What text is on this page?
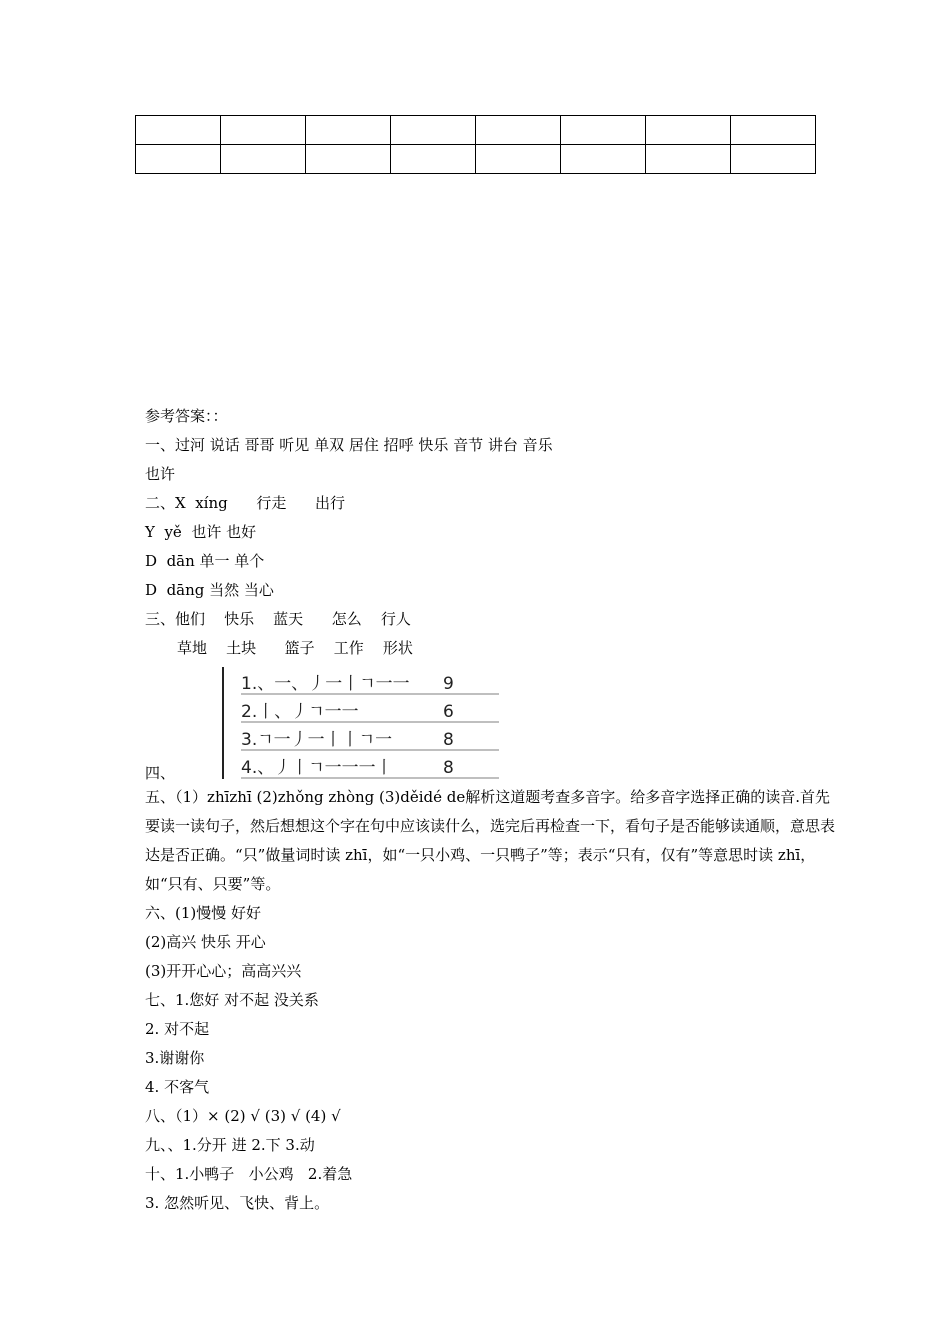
参考答案：：

一、过河 说话 哥哥 听见 单双 居住 招呼 快乐 音节 讲台 音乐

也许

二、X  xíng      行走      出行

Y  yě  也许 也好

D  dān 单一 单个

D  dāng 当然 当心

三、他们    快乐    蓝天      怎么    行人

草地    土块      篮子    工作    形状

四、
1.、一、丿一丨ㄱ一一 9
2.丨、丿ㄱ一一	6
3.ㄱ一丿一丨丨ㄱ一	8
4.、丿丨ㄱ一一一丨	8

五、（1）zhīzhī (2)zhǒng zhòng (3)děidé de解析这道题考查多音字。给多音字选择正确的读音.首先要读一读句子，然后想想这个字在句中应该读什么，选完后再检查一下，看句子是否能够读通顺，意思表达是否正确。“只”做量词时读 zhī，如“一只小鸡、一只鸭子”等；表示“只有，仅有”等意思时读 zhī，如“只有、只要”等。

六、(1)慢慢 好好

(2)高兴 快乐 开心

(3)开开心心；高高兴兴

七、1.您好 对不起 没关系

2. 对不起

3.谢谢你

4. 不客气

八、（1）× (2) √ (3) √ (4) √

九、、1.分开 进 2.下 3.动

十、1.小鸭子   小公鸡   2.着急

3. 忽然听见、飞快、背上。
